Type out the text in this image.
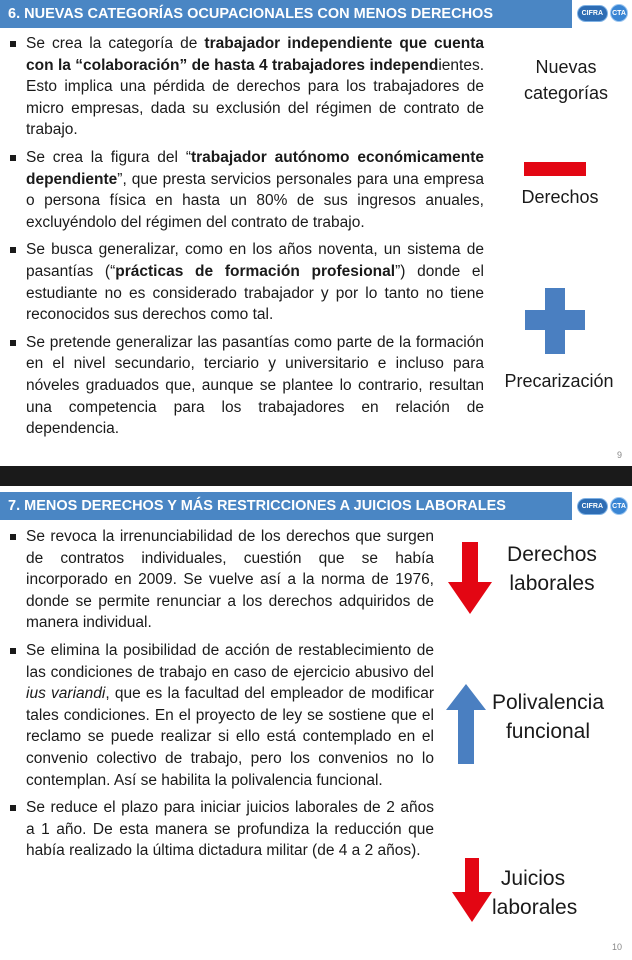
6. NUEVAS CATEGORÍAS OCUPACIONALES CON MENOS DERECHOS	CIFRA	CTA
Se crea la categoría de trabajador independiente que cuenta con la “colaboración” de hasta 4 trabajadores independientes. Esto implica una pérdida de derechos para los trabajadores de micro empresas, dada su exclusión del régimen de contrato de trabajo.
Se crea la figura del “trabajador autónomo económicamente dependiente”, que presta servicios personales para una empresa o persona física en hasta un 80% de sus ingresos anuales, excluyéndolo del régimen del contrato de trabajo.
Se busca generalizar, como en los años noventa, un sistema de pasantías (“prácticas de formación profesional”) donde el estudiante no es considerado trabajador y por lo tanto no tiene reconocidos sus derechos como tal.
Se pretende generalizar las pasantías como parte de la formación en el nivel secundario, terciario y universitario e incluso para nóveles graduados que, aunque se plantee lo contrario, resultan una competencia para los trabajadores en relación de dependencia.
Nuevas
categorías
Derechos
Precarización
9
7. MENOS DERECHOS Y MÁS RESTRICCIONES A JUICIOS LABORALES	CIFRA	CTA
Se revoca la irrenunciabilidad de los derechos que surgen de contratos individuales, cuestión que se había incorporado en 2009. Se vuelve así a la norma de 1976, donde se permite renunciar a los derechos adquiridos de manera individual.
Se elimina la posibilidad de acción de restablecimiento de las condiciones de trabajo en caso de ejercicio abusivo del ius variandi, que es la facultad del empleador de modificar tales condiciones. En el proyecto de ley se sostiene que el reclamo se puede realizar si ello está contemplado en el convenio colectivo de trabajo, pero los convenios no lo contemplan. Así se habilita la polivalencia funcional.
Se reduce el plazo para iniciar juicios laborales de 2 años a 1 año. De esta manera se profundiza la reducción que había realizado la última dictadura militar (de 4 a 2 años).
Derechos
laborales
Polivalencia
funcional
Juicios
laborales
10
